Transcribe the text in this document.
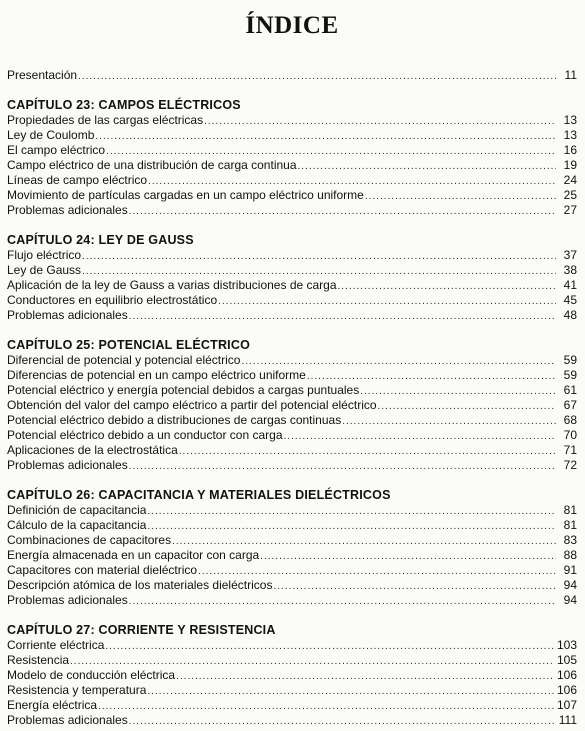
ÍNDICE
Presentación .....	11
CAPÍTULO 23: CAMPOS ELÉCTRICOS
Propiedades de las cargas eléctricas .....	13
Ley de Coulomb .....	13
El campo eléctrico .....	16
Campo eléctrico de una distribución de carga continua .....	19
Líneas de campo eléctrico .....	24
Movimiento de partículas cargadas en un campo eléctrico uniforme .....	25
Problemas adicionales .....	27
CAPÍTULO 24: LEY DE GAUSS
Flujo eléctrico .....	37
Ley de Gauss .....	38
Aplicación de la ley de Gauss a varias distribuciones de carga .....	41
Conductores en equilibrio electrostático .....	45
Problemas adicionales .....	48
CAPÍTULO 25: POTENCIAL ELÉCTRICO
Diferencial de potencial y potencial eléctrico .....	59
Diferencias de potencial en un campo eléctrico uniforme .....	59
Potencial eléctrico y energía potencial debidos a cargas puntuales .....	61
Obtención del valor del campo eléctrico a partir del potencial eléctrico .....	67
Potencial eléctrico debido a distribuciones de cargas continuas .....	68
Potencial eléctrico debido a un conductor con carga .....	70
Aplicaciones de la electrostática .....	71
Problemas adicionales .....	72
CAPÍTULO 26: CAPACITANCIA Y MATERIALES DIELÉCTRICOS
Definición de capacitancia .....	81
Cálculo de la capacitancia .....	81
Combinaciones de capacitores .....	83
Energía almacenada en un capacitor con carga .....	88
Capacitores con material dieléctrico .....	91
Descripción atómica de los materiales dieléctricos .....	94
Problemas adicionales .....	94
CAPÍTULO 27: CORRIENTE Y RESISTENCIA
Corriente eléctrica .....	103
Resistencia .....	105
Modelo de conducción eléctrica .....	106
Resistencia y temperatura .....	106
Energía eléctrica .....	107
Problemas adicionales .....	111
